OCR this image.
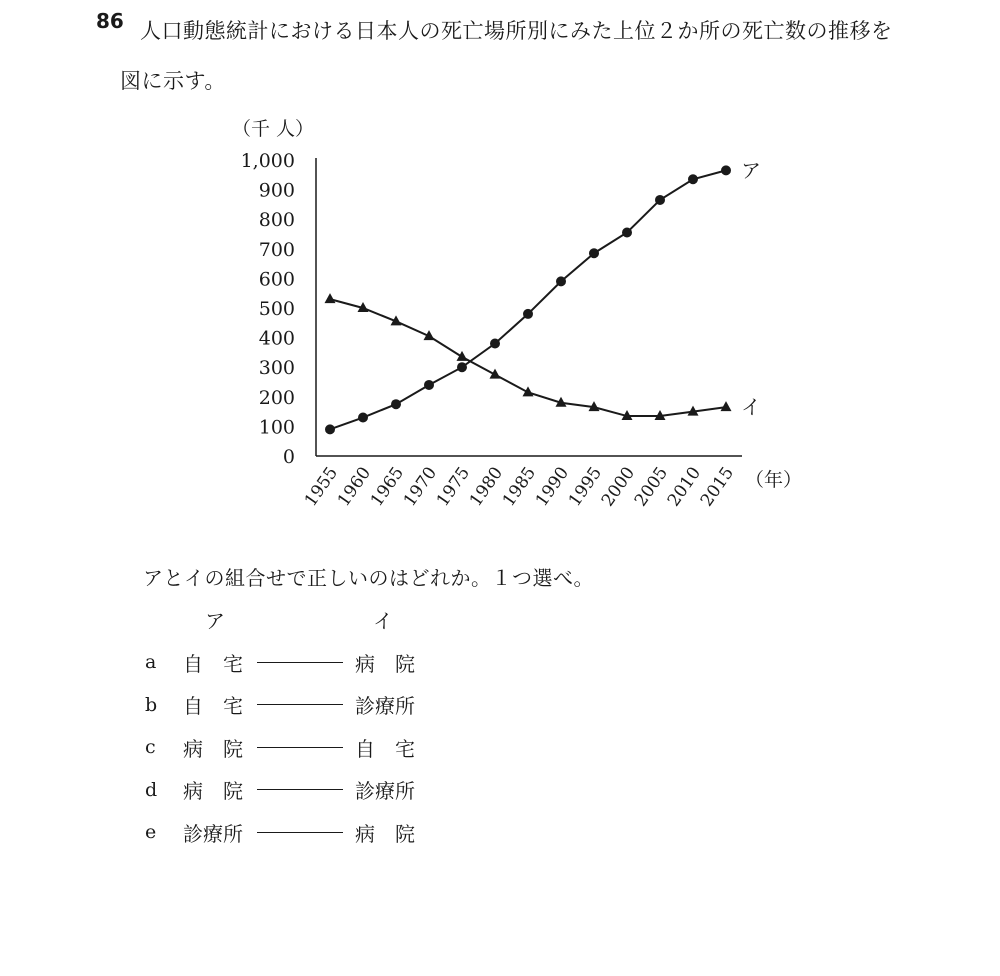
86 人口動態統計における日本人の死亡場所別にみた上位２か所の死亡数の推移を
図に示す。
0
100
200
300
400
500
600
700
800
900
1,000
1955
1960
1965
1970
1975
1980
1985
1990
1995
2000
2005
2010
2015
ア
イ
（千 人）
（年）
アとイの組合せで正しいのはどれか。１つ選べ。
ア	イ
a	自　宅	病　院
b	自　宅	診療所
c	病　院	自　宅
d	病　院	診療所
e	診療所	病　院
